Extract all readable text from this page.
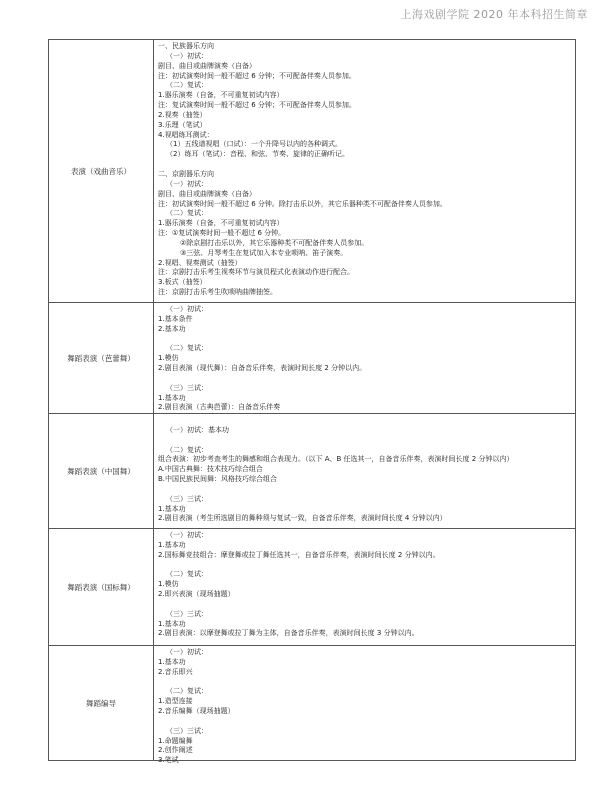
上海戏剧学院 2020 年本科招生简章
表演（戏曲音乐）
一、民族器乐方向
（一）初试：
剧目、曲目或曲牌演奏（自备）
注：初试演奏时间一般不超过 6 分钟；不可配备伴奏人员参加。
（二）复试：
1.器乐演奏（自备，不可重复初试内容）
注：复试演奏时间一般不超过 6 分钟；不可配备伴奏人员参加。
2.视奏（抽签）
3.乐理（笔试）
4.视唱练耳测试：
（1）五线谱视唱（口试）：一个升降号以内的各种调式。
（2）练耳（笔试）：音程、和弦、节奏、旋律的正确听记。
二、京剧器乐方向
（一）初试：
剧目、曲目或曲牌演奏（自备）
注：初试演奏时间一般不超过 6 分钟。除打击乐以外，其它乐器种类不可配备伴奏人员参加。
（二）复试：
1.器乐演奏（自备，不可重复初试内容）
注：①复试演奏时间一般不超过 6 分钟。
②除京剧打击乐以外，其它乐器种类不可配备伴奏人员参加。
③三弦、月琴考生在复试加入本专业唢呐、笛子演奏。
2.视唱、视奏测试（抽签）
注：京剧打击乐考生视奏环节与演员程式化表演动作进行配合。
3.板式（抽签）
注：京剧打击乐考生吹唢呐曲牌抽签。
舞蹈表演（芭蕾舞）
（一）初试：
1.基本条件
2.基本功
（二）复试：
1.模仿
2.剧目表演（现代舞）：自备音乐伴奏，表演时间长度 2 分钟以内。
（三）三试：
1.基本功
2.剧目表演（古典芭蕾）：自备音乐伴奏
舞蹈表演（中国舞）
（一）初试：基本功
（二）复试：
组合表演：初步考查考生的舞感和组合表现力。（以下 A、B 任选其一，自备音乐伴奏，表演时间长度 2 分钟以内）
A.中国古典舞：技术技巧综合组合
B.中国民族民间舞：风格技巧综合组合
（三）三试：
1.基本功
2.剧目表演（考生所选剧目的舞种须与复试一致，自备音乐伴奏，表演时间长度 4 分钟以内）
舞蹈表演（国标舞）
（一）初试：
1.基本功
2.国标舞竞技组合：摩登舞或拉丁舞任选其一，自备音乐伴奏，表演时间长度 2 分钟以内。
（二）复试：
1.模仿
2.即兴表演（现场抽题）
（三）三试：
1.基本功
2.剧目表演：以摩登舞或拉丁舞为主体，自备音乐伴奏，表演时间长度 3 分钟以内。
舞蹈编导
（一）初试：
1.基本功
2.音乐即兴
（二）复试：
1.造型连接
2.音乐编舞（现场抽题）
（三）三试：
1.命题编舞
2.创作阐述
3.笔试
